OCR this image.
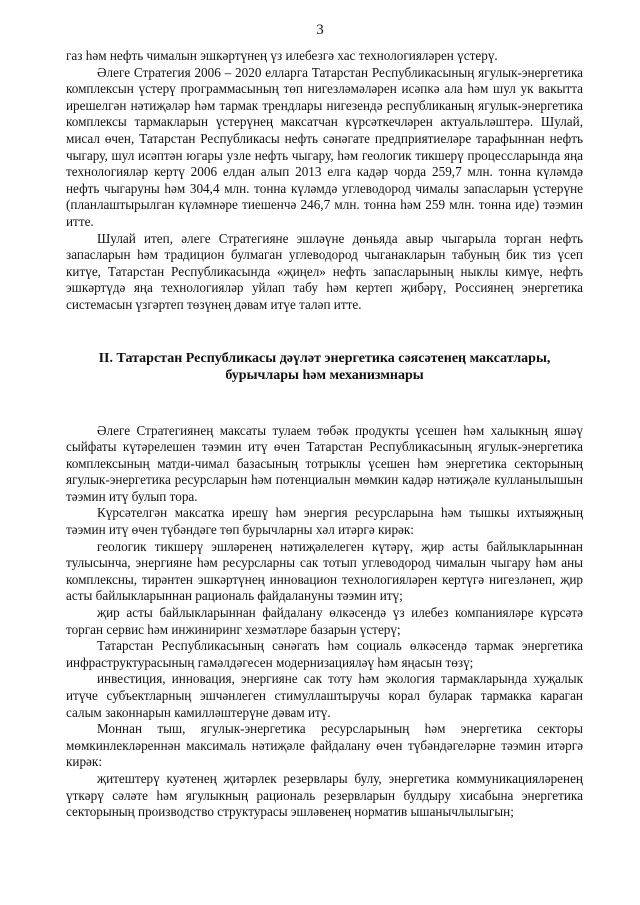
3

газ һәм нефть чималын эшкәртүнең үз илебезгә хас технологияләрен үстерү.

Әлеге Стратегия 2006 – 2020 елларга Татарстан Республикасының ягулык-энергетика комплексын үстерү программасының төп нигезләмәләрен исәпкә ала һәм шул ук вакытта ирешелгән нәтиҗәләр һәм тармак трендлары нигезендә республиканың ягулык-энергетика комплексы тармакларын үстерүнең максатчан күрсәткечләрен актуальләштерә. Шулай, мисал өчен, Татарстан Республикасы нефть сәнәгате предприятиеләре тарафыннан нефть чыгару, шул исәптән югары узле нефть чыгару, һәм геологик тикшерү процессларында яңа технологияләр кертү 2006 елдан алып 2013 елга кадәр чорда 259,7 млн. тонна күләмдә нефть чыгаруны һәм 304,4 млн. тонна күләмдә углеводород чималы запасларын үстерүне (планлаштырылган күләмнәре тиешенчә 246,7 млн. тонна һәм 259 млн. тонна иде) тәэмин итте.

Шулай итеп, әлеге Стратегияне эшләүне дөньяда авыр чыгарыла торган нефть запасларын һәм традицион булмаган углеводород чыганакларын табуның бик тиз үсеп китүе, Татарстан Республикасында «җиңел» нефть запасларының ныклы кимүе, нефть эшкәртүдә яңа технологияләр уйлап табу һәм кертеп җибәрү, Россиянең энергетика системасын үзгәртеп төзүнең дәвам итүе таләп итте.

II. Татарстан Республикасы дәүләт энергетика сәясәтенең максатлары,
бурычлары һәм механизмнары

Әлеге Стратегиянең максаты тулаем төбәк продукты үсешен һәм халыкның яшәү сыйфаты күтәрелешен тәэмин итү өчен Татарстан Республикасының ягулык-энергетика комплексының матди-чимал базасының тотрыклы үсешен һәм энергетика секторының ягулык-энергетика ресурсларын һәм потенциалын мөмкин кадәр нәтиҗәле кулланылышын тәэмин итү булып тора.

Күрсәтелгән максатка ирешү һәм энергия ресурсларына һәм тышкы ихтыяҗның тәэмин итү өчен түбәндәге төп бурычларны хәл итәргә кирәк:

геологик тикшерү эшләренең нәтиҗәлелеген күтәрү, җир асты байлыкларыннан тулысынча, энергияне һәм ресурсларны сак тотып углеводород чималын чыгару һәм аны комплексны, тирәнтен эшкәртүнең инновацион технологияләрен кертүгә нигезләнеп, җир асты байлыкларыннан рациональ файдалануны тәэмин итү;

җир асты байлыкларыннан файдалану өлкәсендә үз илебез компанияләре күрсәтә торган сервис һәм инжиниринг хезмәтләре базарын үстерү;

Татарстан Республикасының сәнәгать һәм социаль өлкәсендә тармак энергетика инфраструктурасының гамәлдәгесен модернизацияләү һәм яңасын төзү;

инвестиция, инновация, энергияне сак тоту һәм экология тармакларында хуҗалык итүче субъектларның эшчәнлеген стимуллаштыручы корал буларак тармакка караган салым законнарын камилләштерүне дәвам итү.

Моннан тыш, ягулык-энергетика ресурсларының һәм энергетика секторы мөмкинлекләреннән максималь нәтиҗәле файдалану өчен түбәндәгеләрне тәэмин итәргә кирәк:

җитештерү куәтенең җитәрлек резервлары булу, энергетика коммуникацияләренең үткәрү сәләте һәм ягулыкның рациональ резервларын булдыру хисабына энергетика секторының производство структурасы эшләвенең норматив ышанычлылыгын;
